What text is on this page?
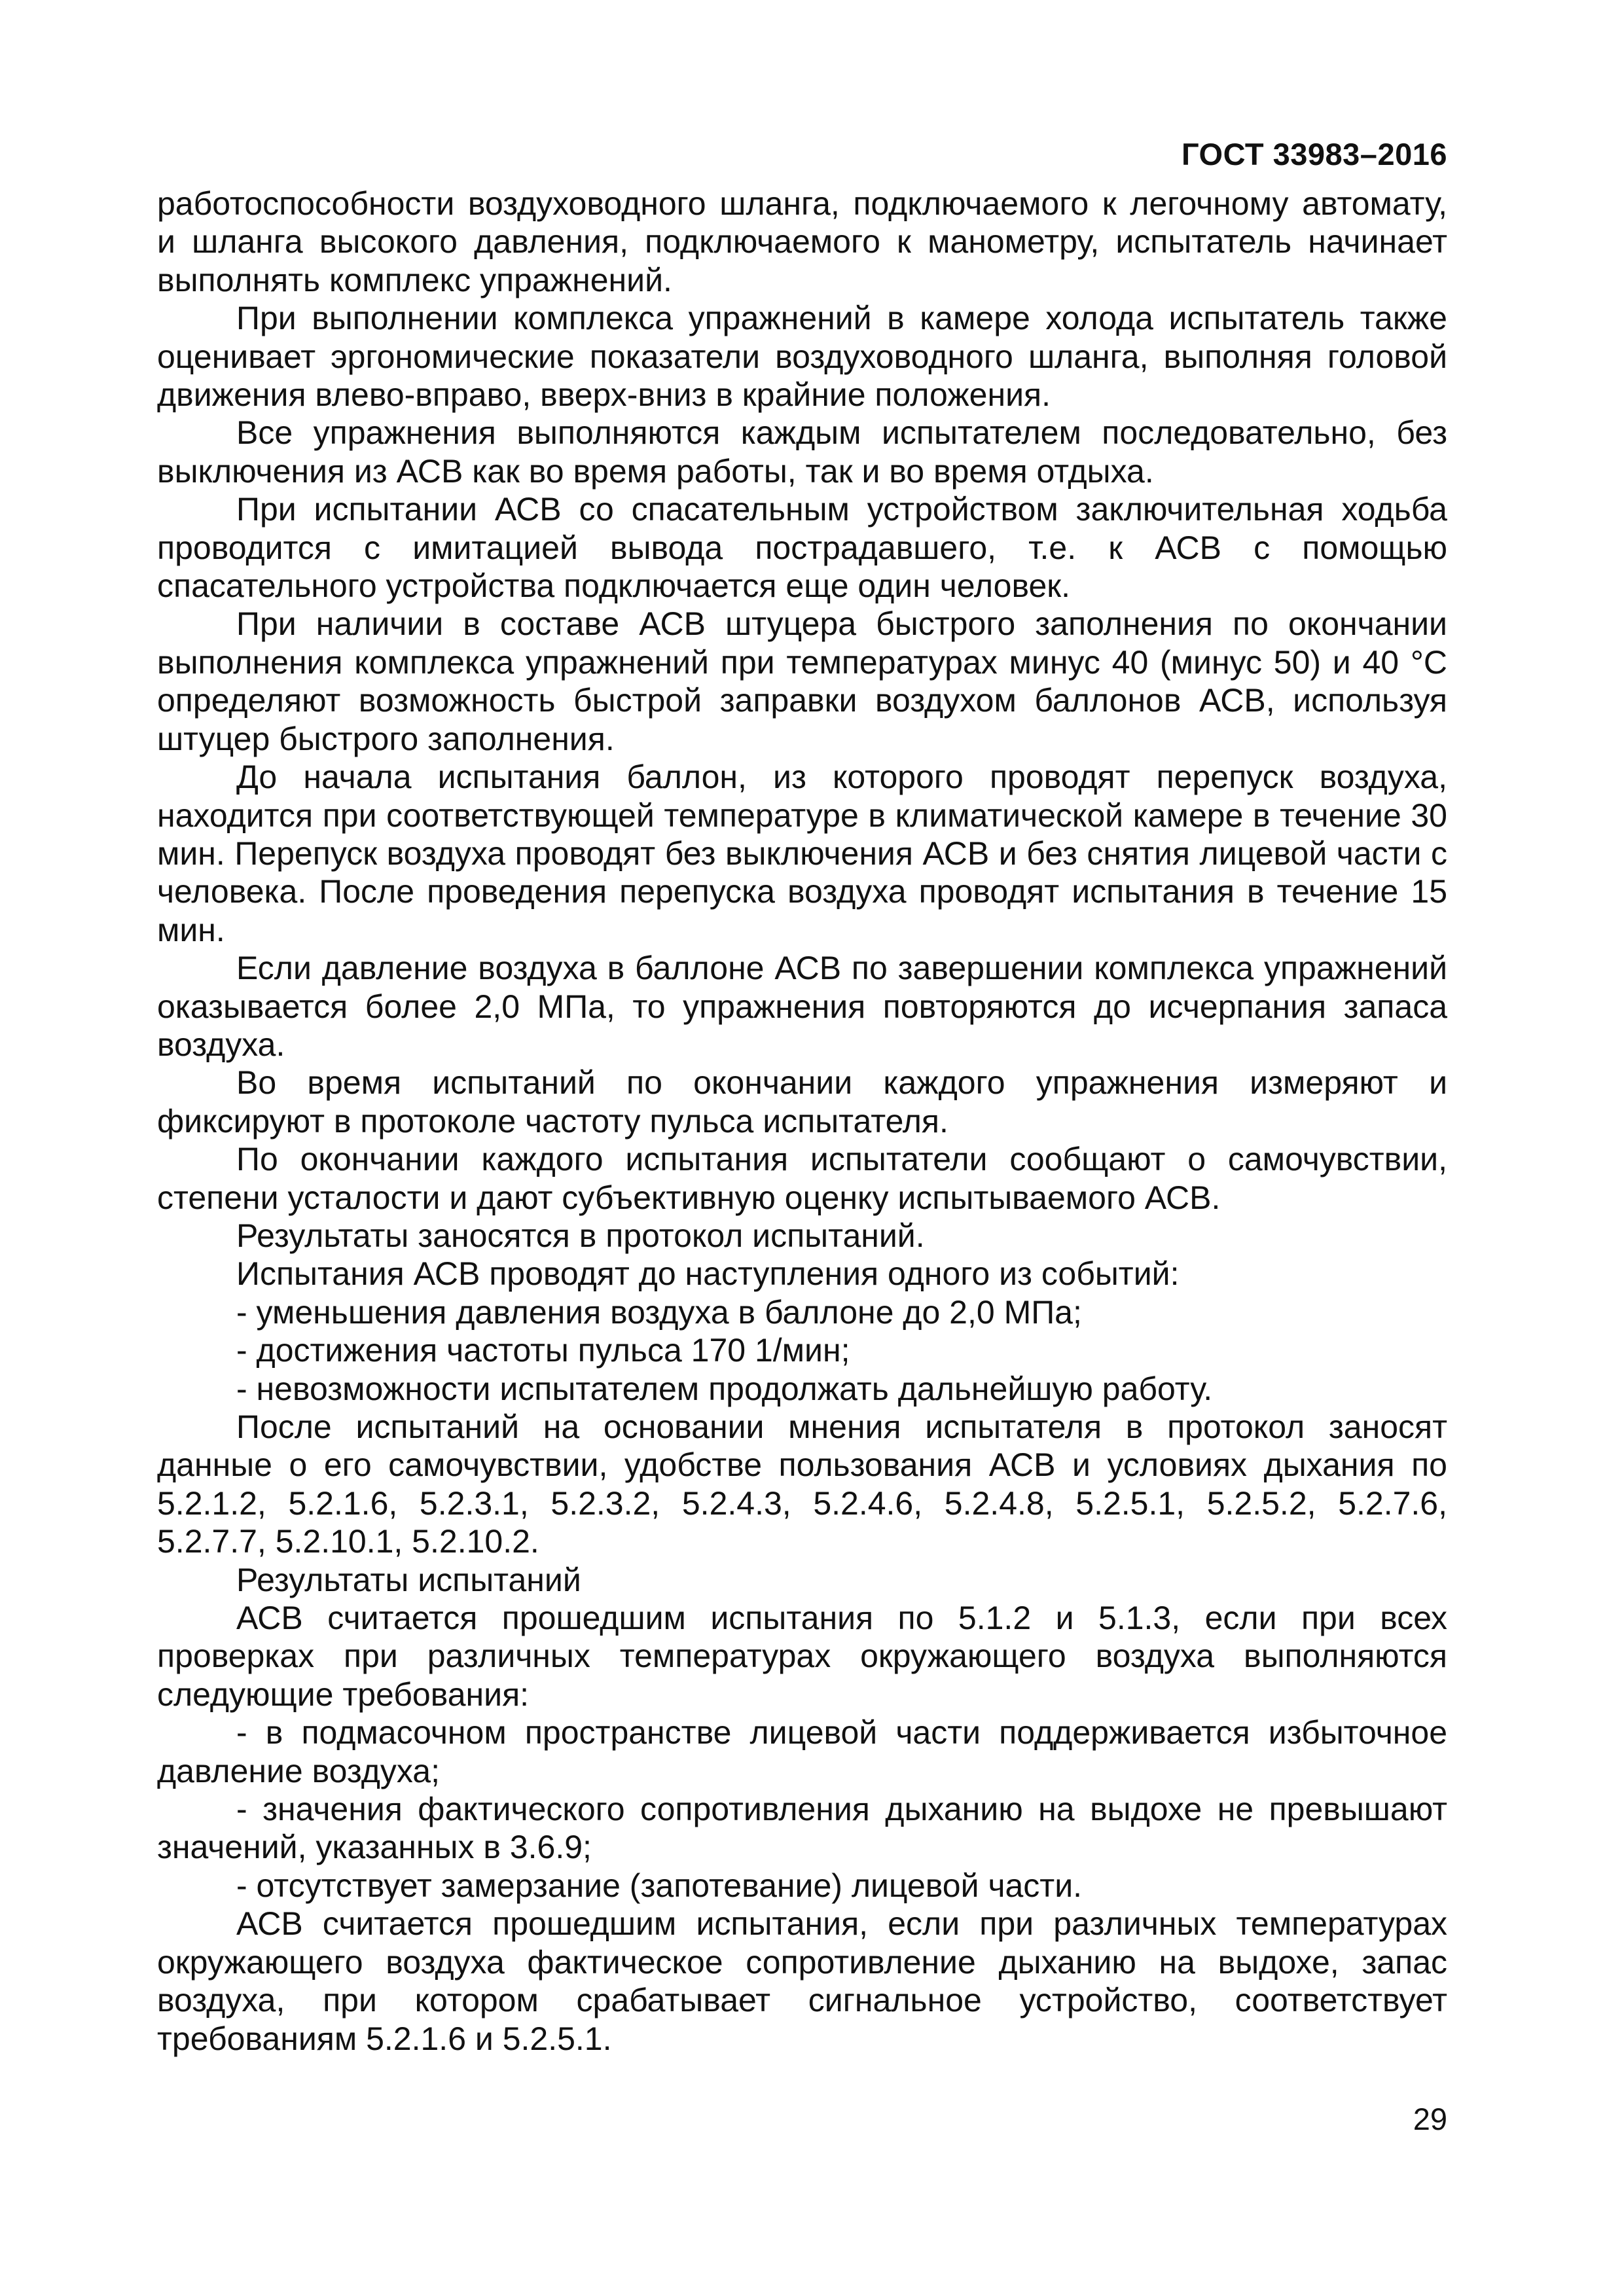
ГОСТ 33983–2016

работоспособности воздуховодного шланга, подключаемого к легочному автомату, и шланга высокого давления, подключаемого к манометру, испытатель начинает выполнять комплекс упражнений.

При выполнении комплекса упражнений в камере холода испытатель также оценивает эргономические показатели воздуховодного шланга, выполняя головой движения влево-вправо, вверх-вниз в крайние положения.

Все упражнения выполняются каждым испытателем последовательно, без выключения из АСВ как во время работы, так и во время отдыха.

При испытании АСВ со спасательным устройством заключительная ходьба проводится с имитацией вывода пострадавшего, т.е. к АСВ с помощью спасательного устройства подключается еще один человек.

При наличии в составе АСВ штуцера быстрого заполнения по окончании выполнения комплекса упражнений при температурах минус 40 (минус 50) и 40 °С определяют возможность быстрой заправки воздухом баллонов АСВ, используя штуцер быстрого заполнения.

До начала испытания баллон, из которого проводят перепуск воздуха, находится при соответствующей температуре в климатической камере в течение 30 мин. Перепуск воздуха проводят без выключения АСВ и без снятия лицевой части с человека. После проведения перепуска воздуха проводят испытания в течение 15 мин.

Если давление воздуха в баллоне АСВ по завершении комплекса упражнений оказывается более 2,0 МПа, то упражнения повторяются до исчерпания запаса воздуха.

Во время испытаний по окончании каждого упражнения измеряют и фиксируют в протоколе частоту пульса испытателя.

По окончании каждого испытания испытатели сообщают о самочувствии, степени усталости и дают субъективную оценку испытываемого АСВ.

Результаты заносятся в протокол испытаний.

Испытания АСВ проводят до наступления одного из событий:

- уменьшения давления воздуха в баллоне до 2,0 МПа;

- достижения частоты пульса 170 1/мин;

- невозможности испытателем продолжать дальнейшую работу.

После испытаний на основании мнения испытателя в протокол заносят данные о его самочувствии, удобстве пользования АСВ и условиях дыхания по 5.2.1.2, 5.2.1.6, 5.2.3.1, 5.2.3.2, 5.2.4.3, 5.2.4.6, 5.2.4.8, 5.2.5.1, 5.2.5.2, 5.2.7.6, 5.2.7.7, 5.2.10.1, 5.2.10.2.

Результаты испытаний

АСВ считается прошедшим испытания по 5.1.2 и 5.1.3, если при всех проверках при различных температурах окружающего воздуха выполняются следующие требования:

- в подмасочном пространстве лицевой части поддерживается избыточное давление воздуха;

- значения фактического сопротивления дыханию на выдохе не превышают значений, указанных в 3.6.9;

- отсутствует замерзание (запотевание) лицевой части.

АСВ считается прошедшим испытания, если при различных температурах окружающего воздуха фактическое сопротивление дыханию на выдохе, запас воздуха, при котором срабатывает сигнальное устройство, соответствует требованиям 5.2.1.6 и 5.2.5.1.

29
